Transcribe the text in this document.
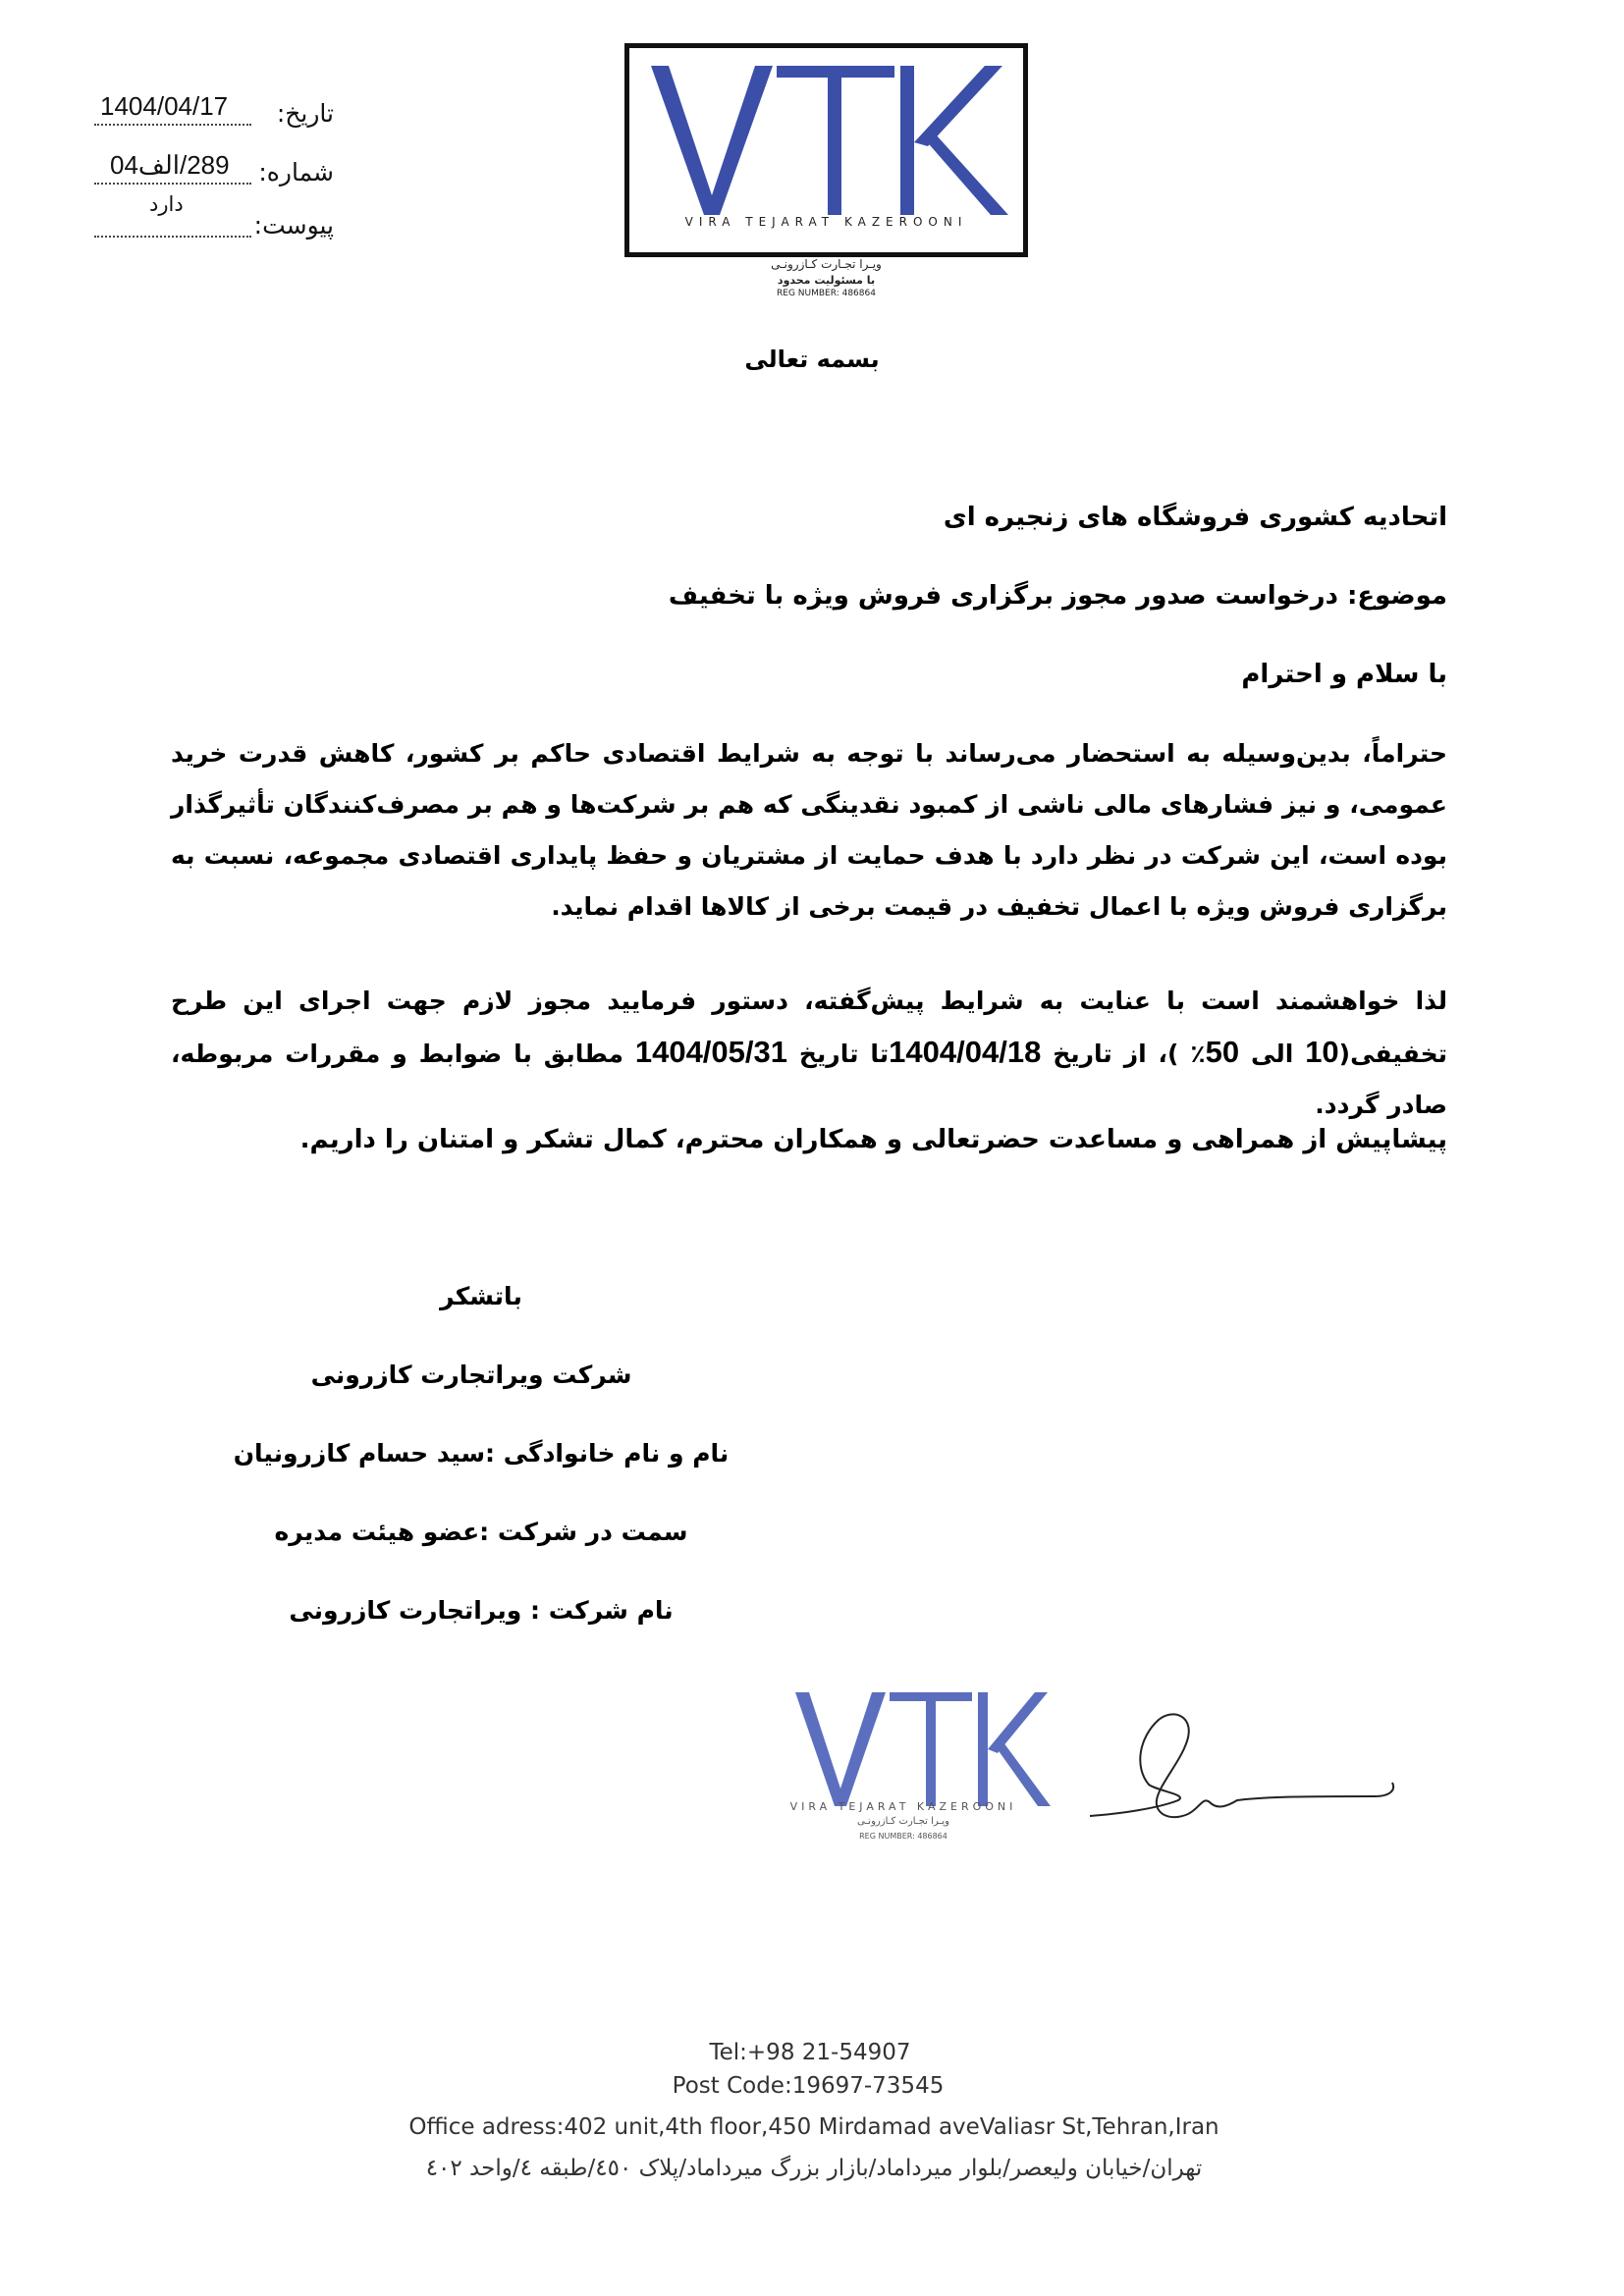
1404/04/17 تاریخ:
289/الف04 شماره:
دارد
پیوست:	VIRA TEJARAT KAZEROONI
ویـرا تجـارت کـازرونـی
با مسئولیت محدود
REG NUMBER: 486864
بسمه تعالی
اتحادیه کشوری فروشگاه های زنجیره ای
موضوع: درخواست صدور مجوز برگزاری فروش ویژه با تخفیف
با سلام و احترام
حتراماً، بدین‌وسیله به استحضار می‌رساند با توجه به شرایط اقتصادی حاکم بر کشور، کاهش قدرت خرید عمومی، و نیز فشارهای مالی ناشی از کمبود نقدینگی که هم بر شرکت‌ها و هم بر مصرف‌کنندگان تأثیرگذار بوده است، این شرکت در نظر دارد با هدف حمایت از مشتریان و حفظ پایداری اقتصادی مجموعه، نسبت به برگزاری فروش ویژه با اعمال تخفیف در قیمت برخی از کالاها اقدام نماید.
لذا خواهشمند است با عنایت به شرایط پیش‌گفته، دستور فرمایید مجوز لازم جهت اجرای این طرح تخفیفی(10 الی 50٪ )، از تاریخ 1404/04/18تا تاریخ 1404/05/31 مطابق با ضوابط و مقررات مربوطه، صادر گردد.
پیشاپیش از همراهی و مساعدت حضرتعالی و همکاران محترم، کمال تشکر و امتنان را داریم.
باتشکر
شرکت ویراتجارت کازرونی
نام و نام خانوادگی :سید حسام کازرونیان
سمت در شرکت :عضو هیئت مدیره
نام شرکت : ویراتجارت کازرونی
VIRA TEJARAT KAZEROONI
ویـرا تجـارت کـازرونـی
REG NUMBER: 486864
Tel:+98 21-54907
Post Code:19697-73545
Office adress:402 unit,4th floor,450 Mirdamad aveValiasr St,Tehran,Iran
تهران/خیابان ولیعصر/بلوار میرداماد/بازار بزرگ میرداماد/پلاک ٤٥٠/طبقه ٤/واحد ٤٠٢
